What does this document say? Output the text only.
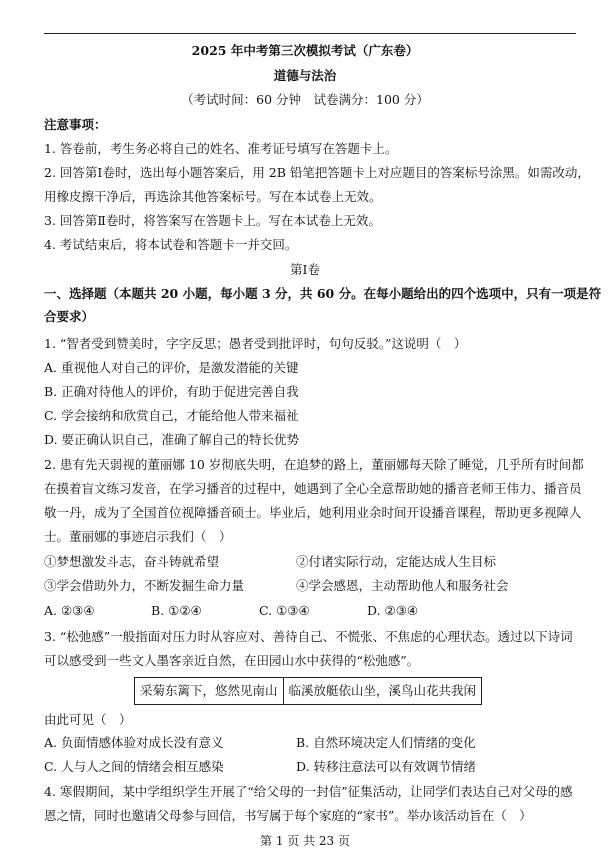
2025 年中考第三次模拟考试（广东卷）
道德与法治
（考试时间：60 分钟　试卷满分：100 分）
注意事项：
1. 答卷前，考生务必将自己的姓名、准考证号填写在答题卡上。
2. 回答第Ⅰ卷时，选出每小题答案后，用 2B 铅笔把答题卡上对应题目的答案标号涂黑。如需改动，
用橡皮擦干净后，再选涂其他答案标号。写在本试卷上无效。
3. 回答第Ⅱ卷时，将答案写在答题卡上。写在本试卷上无效。
4. 考试结束后，将本试卷和答题卡一并交回。
第Ⅰ卷
一、选择题（本题共 20 小题，每小题 3 分，共 60 分。在每小题给出的四个选项中，只有一项是符
合要求）
1. “智者受到赞美时，字字反思；愚者受到批评时，句句反驳。”这说明（　）
A. 重视他人对自己的评价，是激发潜能的关键
B. 正确对待他人的评价，有助于促进完善自我
C. 学会接纳和欣赏自己，才能给他人带来福祉
D. 要正确认识自己，准确了解自己的特长优势
2. 患有先天弱视的董丽娜 10 岁彻底失明，在追梦的路上，董丽娜每天除了睡觉，几乎所有时间都
在摸着盲文练习发音，在学习播音的过程中，她遇到了全心全意帮助她的播音老师王伟力、播音员
敬一丹，成为了全国首位视障播音硕士。毕业后，她利用业余时间开设播音课程，帮助更多视障人
士。董丽娜的事迹启示我们（　）
①梦想激发斗志，奋斗铸就希望	②付诸实际行动，定能达成人生目标
③学会借助外力，不断发掘生命力量	④学会感恩，主动帮助他人和服务社会
A. ②③④	B. ①②④	C. ①③④	D. ②③④
3. “松弛感”一般指面对压力时从容应对、善待自己、不慌张、不焦虑的心理状态。透过以下诗词
可以感受到一些文人墨客亲近自然，在田园山水中获得的“松弛感”。
采菊东篱下，悠然见南山	临溪放艇依山坐，溪鸟山花共我闲
由此可见（　）
A. 负面情感体验对成长没有意义	B. 自然环境决定人们情绪的变化
C. 人与人之间的情绪会相互感染	D. 转移注意法可以有效调节情绪
4. 寒假期间，某中学组织学生开展了“给父母的一封信”征集活动，让同学们表达自己对父母的感
恩之情，同时也邀请父母参与回信，书写属于每个家庭的“家书”。举办该活动旨在（　）
第 1 页 共 23 页
